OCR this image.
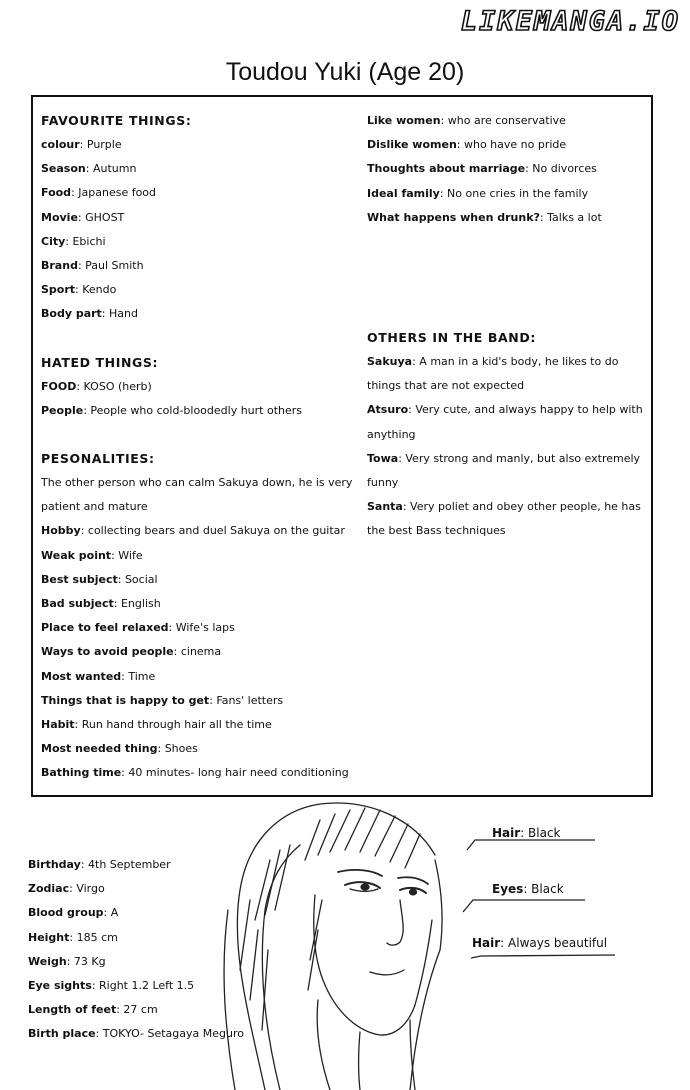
LIKEMANGA.IO
Toudou Yuki (Age 20)
FAVOURITE THINGS:
colour: Purple
Season: Autumn
Food: Japanese food
Movie: GHOST
City: Ebichi
Brand: Paul Smith
Sport: Kendo
Body part: Hand
HATED THINGS:
FOOD: KOSO (herb)
People: People who cold-bloodedly hurt others
PESONALITIES:
The other person who can calm Sakuya down, he is very patient and mature
Hobby: collecting bears and duel Sakuya on the guitar
Weak point: Wife
Best subject: Social
Bad subject: English
Place to feel relaxed: Wife's laps
Ways to avoid people: cinema
Most wanted: Time
Things that is happy to get: Fans' letters
Habit: Run hand through hair all the time
Most needed thing: Shoes
Bathing time: 40 minutes- long hair need conditioning
Like women: who are conservative
Dislike women: who have no pride
Thoughts about marriage: No divorces
Ideal family: No one cries in the family
What happens when drunk?: Talks a lot
OTHERS IN THE BAND:
Sakuya: A man in a kid's body, he likes to do things that are not expected
Atsuro: Very cute, and always happy to help with anything
Towa: Very strong and manly, but also extremely funny
Santa: Very poliet and obey other people, he has the best Bass techniques
Birthday: 4th September
Zodiac: Virgo
Blood group: A
Height: 185 cm
Weigh: 73 Kg
Eye sights: Right 1.2 Left 1.5
Length of feet: 27 cm
Birth place: TOKYO- Setagaya Meguro
Hair: Black
Eyes: Black
Hair: Always beautiful
